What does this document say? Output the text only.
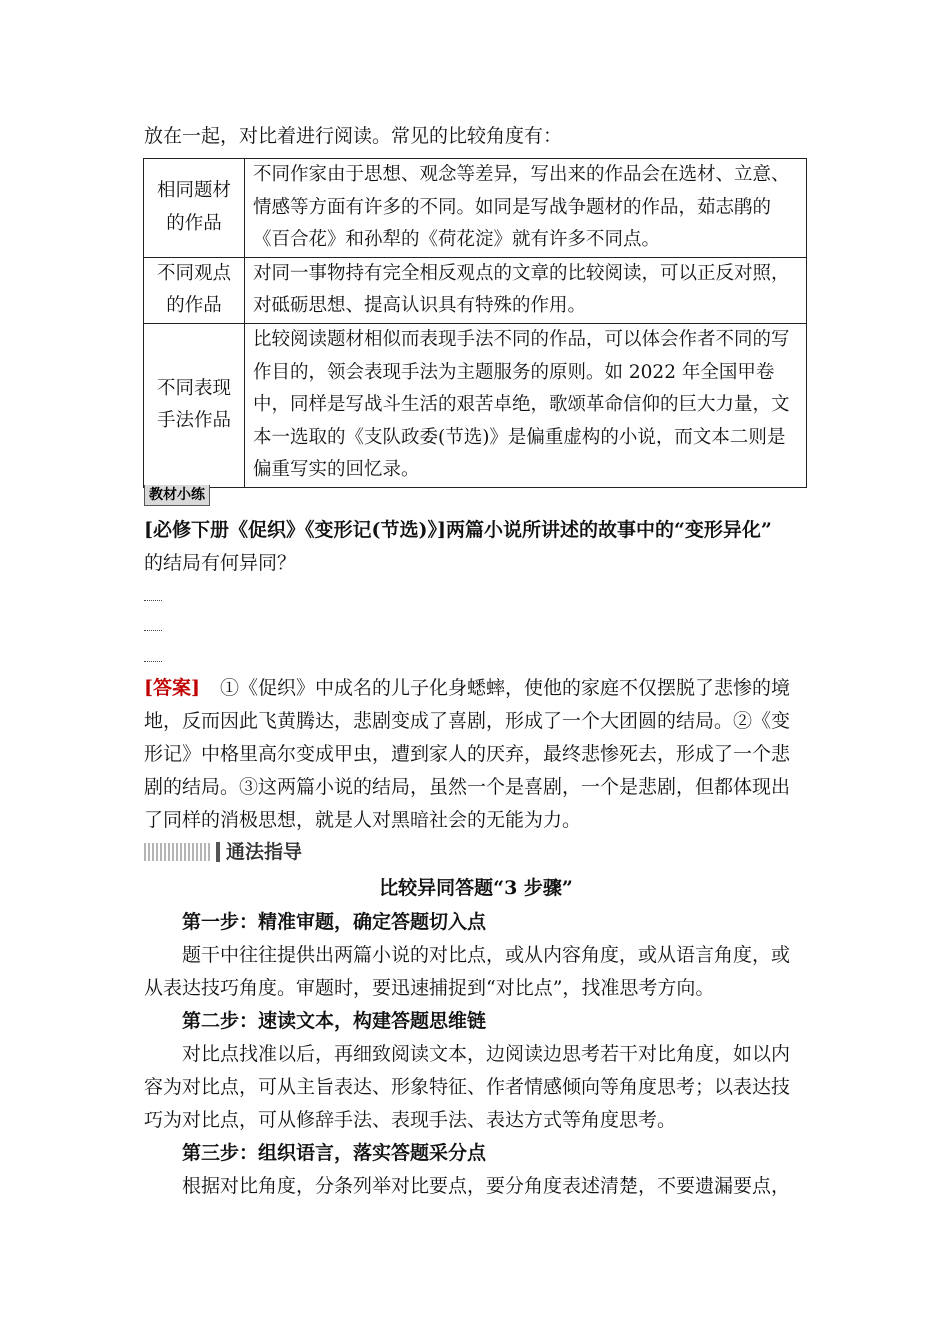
放在一起，对比着进行阅读。常见的比较角度有：
相同题材的作品	不同作家由于思想、观念等差异，写出来的作品会在选材、立意、情感等方面有许多的不同。如同是写战争题材的作品，茹志鹃的《百合花》和孙犁的《荷花淀》就有许多不同点。
不同观点的作品	对同一事物持有完全相反观点的文章的比较阅读，可以正反对照，对砥砺思想、提高认识具有特殊的作用。
不同表现手法作品	比较阅读题材相似而表现手法不同的作品，可以体会作者不同的写作目的，领会表现手法为主题服务的原则。如 2022 年全国甲卷中，同样是写战斗生活的艰苦卓绝，歌颂革命信仰的巨大力量，文本一选取的《支队政委(节选)》是偏重虚构的小说，而文本二则是偏重写实的回忆录。
教材小练
[必修下册《促织》《变形记(节选)》]两篇小说所讲述的故事中的“变形异化”
的结局有何异同？
[答案] ①《促织》中成名的儿子化身蟋蟀，使他的家庭不仅摆脱了悲惨的境
地，反而因此飞黄腾达，悲剧变成了喜剧，形成了一个大团圆的结局。②《变
形记》中格里高尔变成甲虫，遭到家人的厌弃，最终悲惨死去，形成了一个悲
剧的结局。③这两篇小说的结局，虽然一个是喜剧，一个是悲剧，但都体现出
了同样的消极思想，就是人对黑暗社会的无能为力。
通法指导
比较异同答题“3 步骤”
第一步：精准审题，确定答题切入点
题干中往往提供出两篇小说的对比点，或从内容角度，或从语言角度，或
从表达技巧角度。审题时，要迅速捕捉到“对比点”，找准思考方向。
第二步：速读文本，构建答题思维链
对比点找准以后，再细致阅读文本，边阅读边思考若干对比角度，如以内
容为对比点，可从主旨表达、形象特征、作者情感倾向等角度思考；以表达技
巧为对比点，可从修辞手法、表现手法、表达方式等角度思考。
第三步：组织语言，落实答题采分点
根据对比角度，分条列举对比要点，要分角度表述清楚，不要遗漏要点，
